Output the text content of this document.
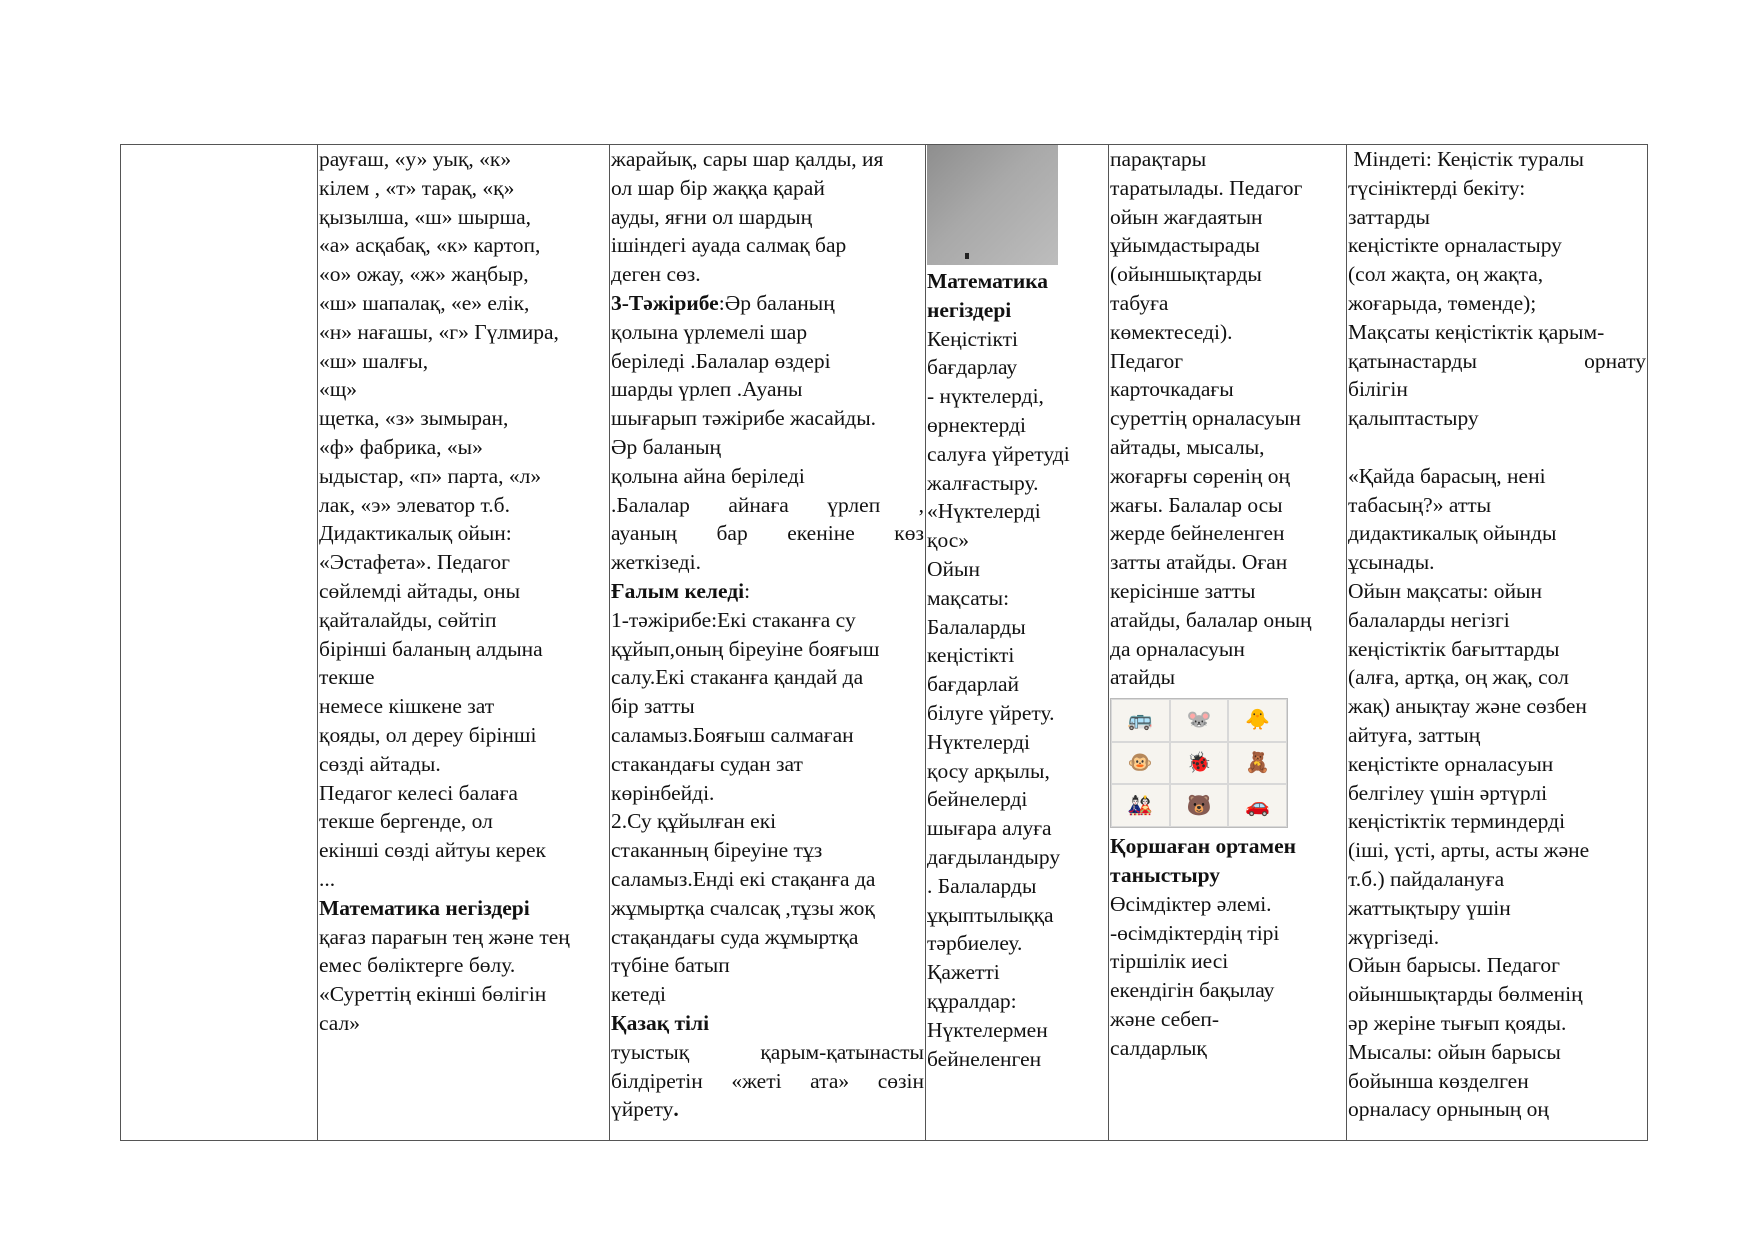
рауғаш, «у» уық, «к»
кілем , «т» тарақ, «қ»
қызылша, «ш» шырша,
«а» асқабақ, «к» картоп,
«о» ожау, «ж» жаңбыр,
«ш» шапалақ, «е» елік,
«н» нағашы, «г» Гүлмира,
«ш» шалғы,
«щ»
щетка, «з» зымыран,
«ф» фабрика, «ы»
ыдыстар, «п» парта, «л»
лак, «э» элеватор т.б.
Дидактикалық ойын:
«Эстафета». Педагог
сөйлемді айтады, оны
қайталайды, сөйтіп
бірінші баланың алдына
текше
немесе кішкене зат
қояды, ол дереу бірінші
сөзді айтады.
Педагог келесі балаға
текше бергенде, ол
екінші сөзді айтуы керек
...
Математика негіздері
қағаз парағын тең және тең
емес бөліктерге бөлу.
«Суреттің екінші бөлігін
сал»

жарайық, сары шар қалды, ия
ол шар бір жаққа қарай
ауды, яғни ол шардың
ішіндегі ауада салмақ бар
деген сөз.
3-Тәжірибе:Әр баланың
қолына үрлемелі шар
беріледі .Балалар өздері
шарды үрлеп .Ауаны
шығарып тәжірибе жасайды.
Әр баланың
қолына айна беріледі
.Балалар айнаға үрлеп ,
ауаның бар екеніне көз
жеткізеді.
Ғалым келеді:
1-тәжірибе:Екі стаканға су
құйып,оның біреуіне бояғыш
салу.Екі стаканға қандай да
бір затты
саламыз.Бояғыш салмаған
стакандағы судан зат
көрінбейді.
2.Су құйылған екі
стаканның біреуіне тұз
саламыз.Енді екі стақанға да
жұмыртқа счалсақ ,тұзы жоқ
стақандағы суда жұмыртқа
түбіне батып
кетеді
Қазақ тілі
туыстық қарым-қатынасты
білдіретін «жеті ата» сөзін
үйрету.

Математика
негіздері
Кеңістікті
бағдарлау
- нүктелерді,
өрнектерді
салуға үйретуді
жалғастыру.
«Нүктелерді
қос»
Ойын
мақсаты:
Балаларды
кеңістікті
бағдарлай
білуге үйрету.
Нүктелерді
қосу арқылы,
бейнелерді
шығара алуға
дағдыландыру
. Балаларды
ұқыптылыққа
тәрбиелеу.
Қажетті
құралдар:
Нүктелермен
бейнеленген

парақтары
таратылады. Педагог
ойын жағдаятын
ұйымдастырады
(ойыншықтарды
табуға
көмектеседі).
Педагог
карточкадағы
суреттің орналасуын
айтады, мысалы,
жоғарғы сөренің оң
жағы. Балалар осы
жерде бейнеленген
затты атайды. Оған
керісінше затты
атайды, балалар оның
да орналасуын
атайды
🚌	🐭	🐥
🐵	🐞	🧸
🎎	🐻	🚗
Қоршаған ортамен
таныстыру
Өсімдіктер әлемі.
-өсімдіктердің тірі
тіршілік иесі
екендігін бақылау
және себеп-
салдарлық

Міндеті: Кеңістік туралы
түсініктерді бекіту:
заттарды
кеңістікте орналастыру
(сол жақта, оң жақта,
жоғарыда, төменде);
Мақсаты кеңістіктік қарым-
қатынастарды орнату
білігін
қалыптастыру

«Қайда барасың, нені
табасың?» атты
дидактикалық ойынды
ұсынады.
Ойын мақсаты: ойын
балаларды негізгі
кеңістіктік бағыттарды
(алға, артқа, оң жақ, сол
жақ) анықтау және сөзбен
айтуға, заттың
кеңістікте орналасуын
белгілеу үшін әртүрлі
кеңістіктік терминдерді
(іші, үсті, арты, асты және
т.б.) пайдалануға
жаттықтыру үшін
жүргізеді.
Ойын барысы. Педагог
ойыншықтарды бөлменің
әр жеріне тығып қояды.
Мысалы: ойын барысы
бойынша көзделген
орналасу орнының оң
